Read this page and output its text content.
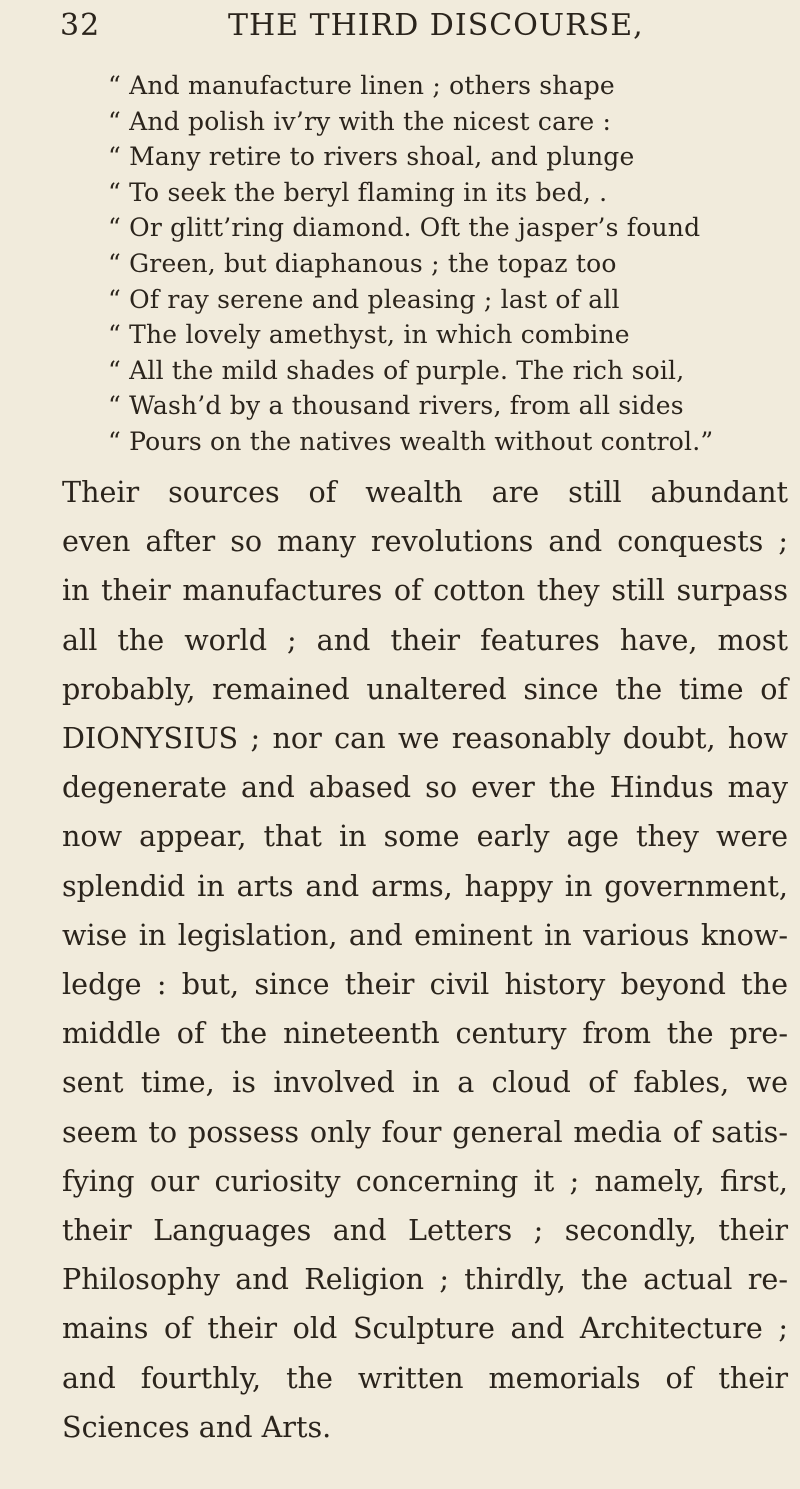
32	THE THIRD DISCOURSE,
“ And manufacture linen ; others shape
“ And polish iv’ry with the nicest care :
“ Many retire to rivers shoal, and plunge
“ To seek the beryl flaming in its bed, .
“ Or glitt’ring diamond. Oft the jasper’s found
“ Green, but diaphanous ; the topaz too
“ Of ray serene and pleasing ; last of all
“ The lovely amethyst, in which combine
“ All the mild shades of purple. The rich soil,
“ Wash’d by a thousand rivers, from all sides
“ Pours on the natives wealth without control.”
Their sources of wealth are still abundant
even after so many revolutions and conquests ;
in their manufactures of cotton they still surpass
all the world ; and their features have, most
probably, remained unaltered since the time of
DIONYSIUS ; nor can we reasonably doubt, how
degenerate and abased so ever the Hindus may
now appear, that in some early age they were
splendid in arts and arms, happy in government,
wise in legislation, and eminent in various know-
ledge : but, since their civil history beyond the
middle of the nineteenth century from the pre-
sent time, is involved in a cloud of fables, we
seem to possess only four general media of satis-
fying our curiosity concerning it ; namely, first,
their Languages and Letters ; secondly, their
Philosophy and Religion ; thirdly, the actual re-
mains of their old Sculpture and Architecture ;
and fourthly, the written memorials of their
Sciences and Arts.
